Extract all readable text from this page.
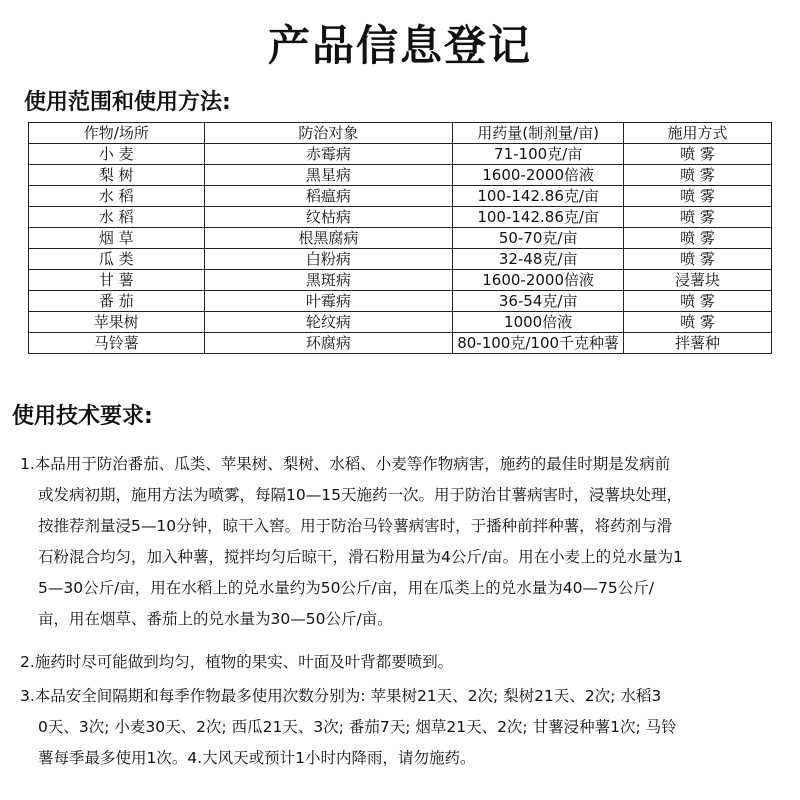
产品信息登记
使用范围和使用方法:
作物/场所	防治对象	用药量(制剂量/亩)	施用方式
小 麦	赤霉病	71-100克/亩	喷 雾
梨 树	黑星病	1600-2000倍液	喷 雾
水 稻	稻瘟病	100-142.86克/亩	喷 雾
水 稻	纹枯病	100-142.86克/亩	喷 雾
烟 草	根黑腐病	50-70克/亩	喷 雾
瓜 类	白粉病	32-48克/亩	喷 雾
甘 薯	黑斑病	1600-2000倍液	浸薯块
番 茄	叶霉病	36-54克/亩	喷 雾
苹果树	轮纹病	1000倍液	喷 雾
马铃薯	环腐病	80-100克/100千克种薯	拌薯种
使用技术要求:

1.本品用于防治番茄、瓜类、苹果树、梨树、水稻、小麦等作物病害，施药的最佳时期是发病前

或发病初期，施用方法为喷雾，每隔10—15天施药一次。用于防治甘薯病害时，浸薯块处理，

按推荐剂量浸5—10分钟，晾干入窖。用于防治马铃薯病害时，于播种前拌种薯，将药剂与滑

石粉混合均匀，加入种薯，搅拌均匀后晾干，滑石粉用量为4公斤/亩。用在小麦上的兑水量为1

5—30公斤/亩，用在水稻上的兑水量约为50公斤/亩，用在瓜类上的兑水量为40—75公斤/

亩，用在烟草、番茄上的兑水量为30—50公斤/亩。

2.施药时尽可能做到均匀，植物的果实、叶面及叶背都要喷到。

3.本品安全间隔期和每季作物最多使用次数分别为: 苹果树21天、2次; 梨树21天、2次; 水稻3

0天、3次; 小麦30天、2次; 西瓜21天、3次; 番茄7天; 烟草21天、2次; 甘薯浸种薯1次; 马铃

薯每季最多使用1次。4.大风天或预计1小时内降雨，请勿施药。
